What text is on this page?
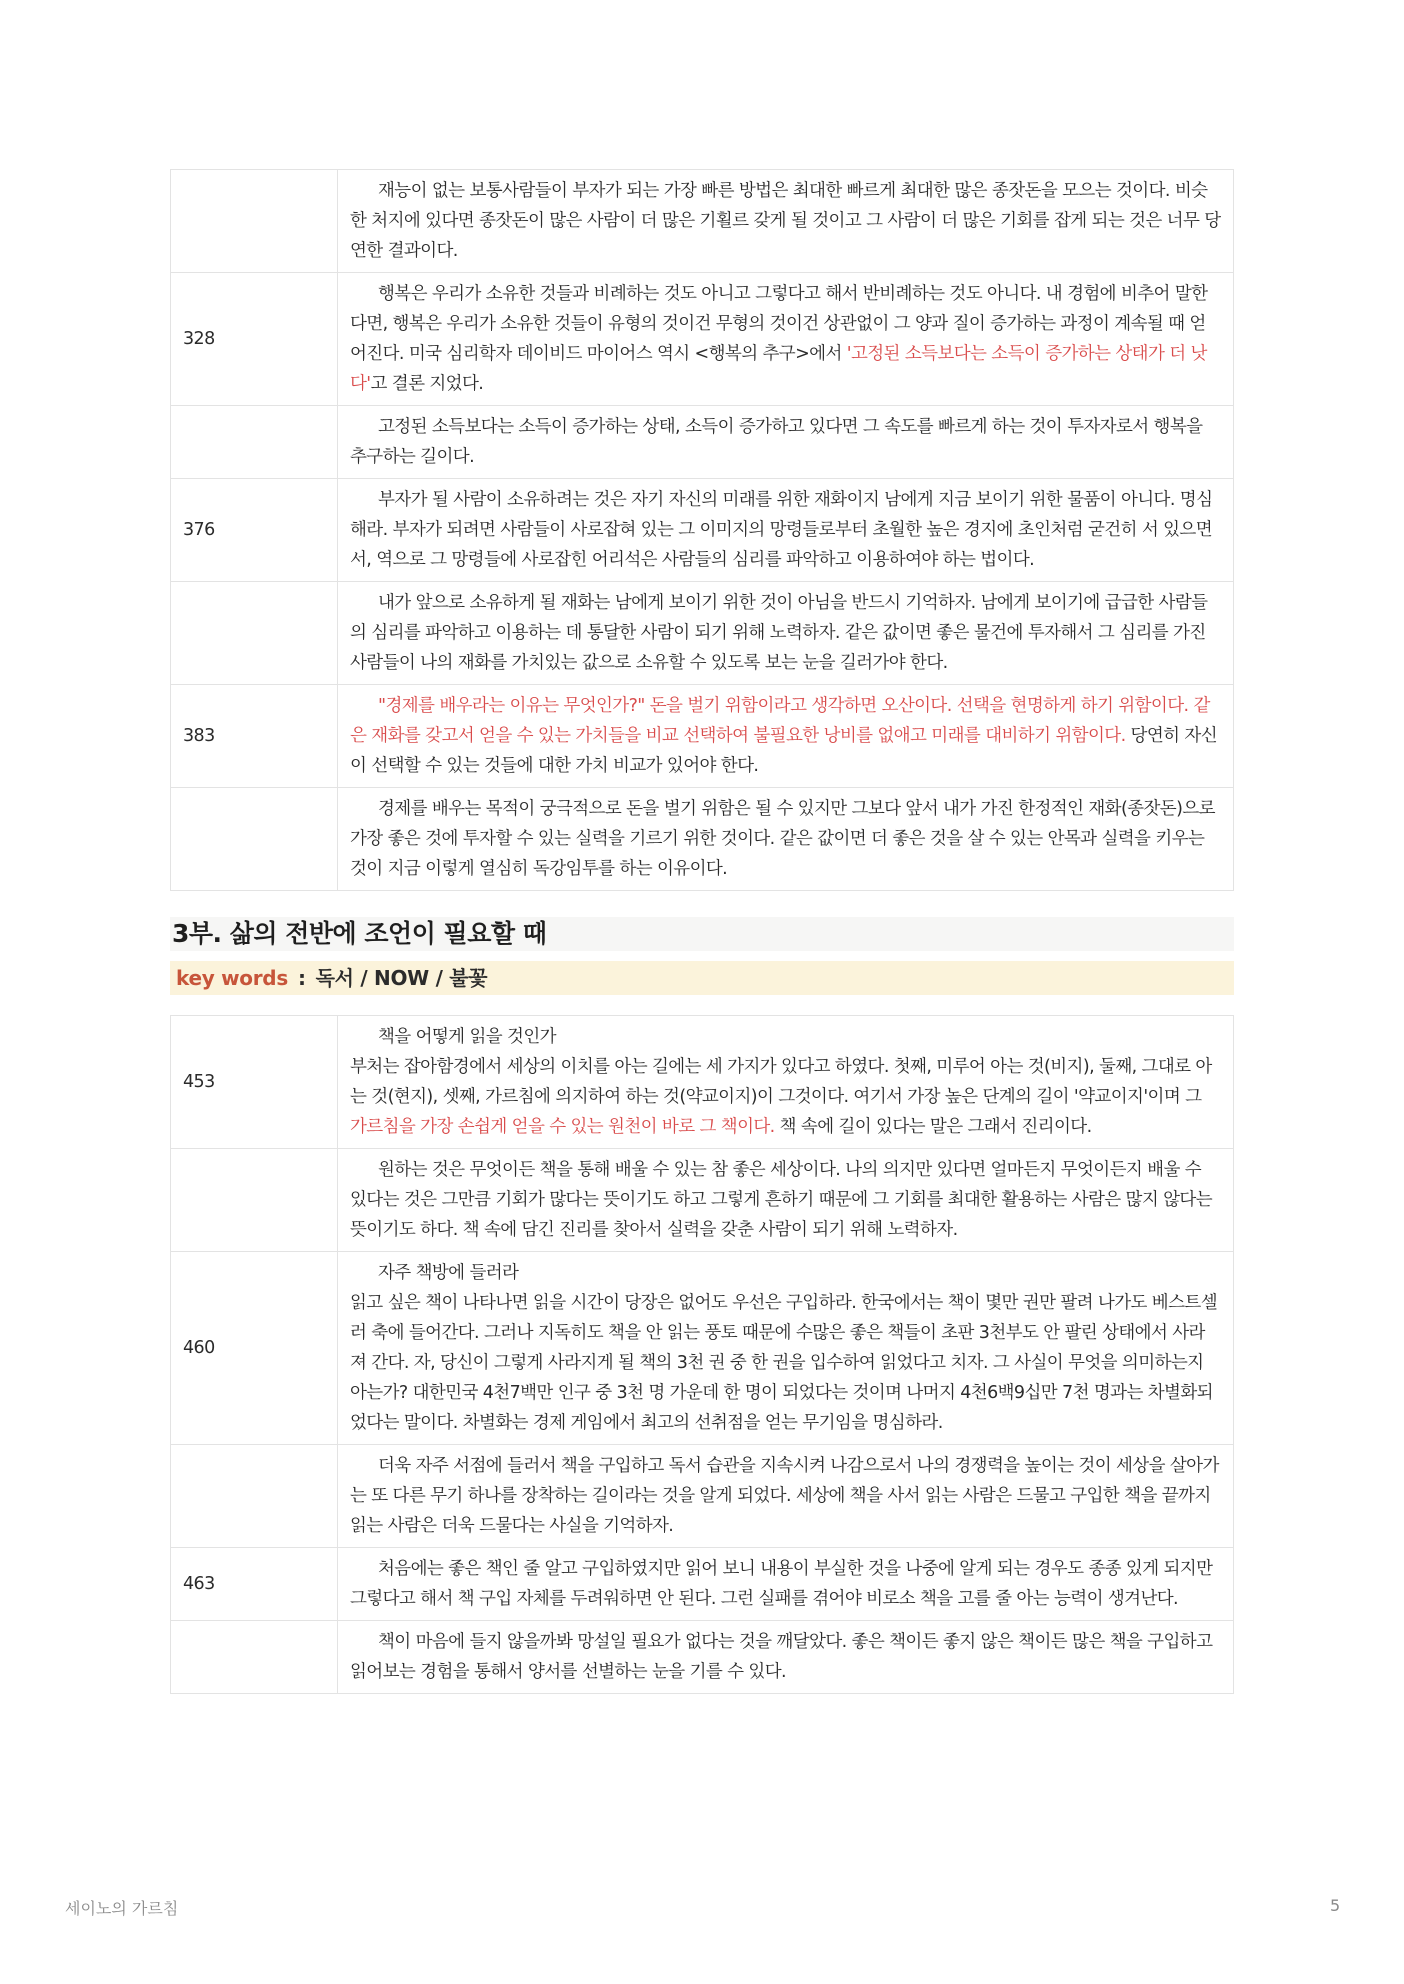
	재능이 없는 보통사람들이 부자가 되는 가장 빠른 방법은 최대한 빠르게 최대한 많은 종잣돈을 모으는 것이다. 비슷한 처지에 있다면 종잣돈이 많은 사람이 더 많은 기횔르 갖게 될 것이고 그 사람이 더 많은 기회를 잡게 되는 것은 너무 당연한 결과이다.

328	행복은 우리가 소유한 것들과 비례하는 것도 아니고 그렇다고 해서 반비례하는 것도 아니다. 내 경험에 비추어 말한다면, 행복은 우리가 소유한 것들이 유형의 것이건 무형의 것이건 상관없이 그 양과 질이 증가하는 과정이 계속될 때 얻어진다. 미국 심리학자 데이비드 마이어스 역시 <행복의 추구>에서 '고정된 소득보다는 소득이 증가하는 상태가 더 낫다'고 결론 지었다.

	고정된 소득보다는 소득이 증가하는 상태, 소득이 증가하고 있다면 그 속도를 빠르게 하는 것이 투자자로서 행복을 추구하는 길이다.

376	부자가 될 사람이 소유하려는 것은 자기 자신의 미래를 위한 재화이지 남에게 지금 보이기 위한 물품이 아니다. 명심해라. 부자가 되려면 사람들이 사로잡혀 있는 그 이미지의 망령들로부터 초월한 높은 경지에 초인처럼 굳건히 서 있으면서, 역으로 그 망령들에 사로잡힌 어리석은 사람들의 심리를 파악하고 이용하여야 하는 법이다.

	내가 앞으로 소유하게 될 재화는 남에게 보이기 위한 것이 아님을 반드시 기억하자. 남에게 보이기에 급급한 사람들의 심리를 파악하고 이용하는 데 통달한 사람이 되기 위해 노력하자. 같은 값이면 좋은 물건에 투자해서 그 심리를 가진 사람들이 나의 재화를 가치있는 값으로 소유할 수 있도록 보는 눈을 길러가야 한다.

383	"경제를 배우라는 이유는 무엇인가?" 돈을 벌기 위함이라고 생각하면 오산이다. 선택을 현명하게 하기 위함이다. 같은 재화를 갖고서 얻을 수 있는 가치들을 비교 선택하여 불필요한 낭비를 없애고 미래를 대비하기 위함이다. 당연히 자신이 선택할 수 있는 것들에 대한 가치 비교가 있어야 한다.

	경제를 배우는 목적이 궁극적으로 돈을 벌기 위함은 될 수 있지만 그보다 앞서 내가 가진 한정적인 재화(종잣돈)으로 가장 좋은 것에 투자할 수 있는 실력을 기르기 위한 것이다. 같은 값이면 더 좋은 것을 살 수 있는 안목과 실력을 키우는 것이 지금 이렇게 열심히 독강임투를 하는 이유이다.
3부. 삶의 전반에 조언이 필요할 때
key words : 독서 / NOW / 불꽃
453	책을 어떻게 읽을 것인가
부처는 잡아함경에서 세상의 이치를 아는 길에는 세 가지가 있다고 하였다. 첫째, 미루어 아는 것(비지), 둘째, 그대로 아는 것(현지), 셋째, 가르침에 의지하여 하는 것(약교이지)이 그것이다. 여기서 가장 높은 단계의 길이 '약교이지'이며 그
가르침을 가장 손쉽게 얻을 수 있는 원천이 바로 그 책이다. 책 속에 길이 있다는 말은 그래서 진리이다.

	원하는 것은 무엇이든 책을 통해 배울 수 있는 참 좋은 세상이다. 나의 의지만 있다면 얼마든지 무엇이든지 배울 수 있다는 것은 그만큼 기회가 많다는 뜻이기도 하고 그렇게 흔하기 때문에 그 기회를 최대한 활용하는 사람은 많지 않다는 뜻이기도 하다. 책 속에 담긴 진리를 찾아서 실력을 갖춘 사람이 되기 위해 노력하자.

460	자주 책방에 들러라
읽고 싶은 책이 나타나면 읽을 시간이 당장은 없어도 우선은 구입하라. 한국에서는 책이 몇만 권만 팔려 나가도 베스트셀러 축에 들어간다. 그러나 지독히도 책을 안 읽는 풍토 때문에 수많은 좋은 책들이 초판 3천부도 안 팔린 상태에서 사라져 간다. 자, 당신이 그렇게 사라지게 될 책의 3천 권 중 한 권을 입수하여 읽었다고 치자. 그 사실이 무엇을 의미하는지 아는가? 대한민국 4천7백만 인구 중 3천 명 가운데 한 명이 되었다는 것이며 나머지 4천6백9십만 7천 명과는 차별화되었다는 말이다. 차별화는 경제 게임에서 최고의 선취점을 얻는 무기임을 명심하라.

	더욱 자주 서점에 들러서 책을 구입하고 독서 습관을 지속시켜 나감으로서 나의 경쟁력을 높이는 것이 세상을 살아가는 또 다른 무기 하나를 장착하는 길이라는 것을 알게 되었다. 세상에 책을 사서 읽는 사람은 드물고 구입한 책을 끝까지 읽는 사람은 더욱 드물다는 사실을 기억하자.

463	처음에는 좋은 책인 줄 알고 구입하였지만 읽어 보니 내용이 부실한 것을 나중에 알게 되는 경우도 종종 있게 되지만 그렇다고 해서 책 구입 자체를 두려워하면 안 된다. 그런 실패를 겪어야 비로소 책을 고를 줄 아는 능력이 생겨난다.

	책이 마음에 들지 않을까봐 망설일 필요가 없다는 것을 깨달았다. 좋은 책이든 좋지 않은 책이든 많은 책을 구입하고 읽어보는 경험을 통해서 양서를 선별하는 눈을 기를 수 있다.
세이노의 가르침	5
